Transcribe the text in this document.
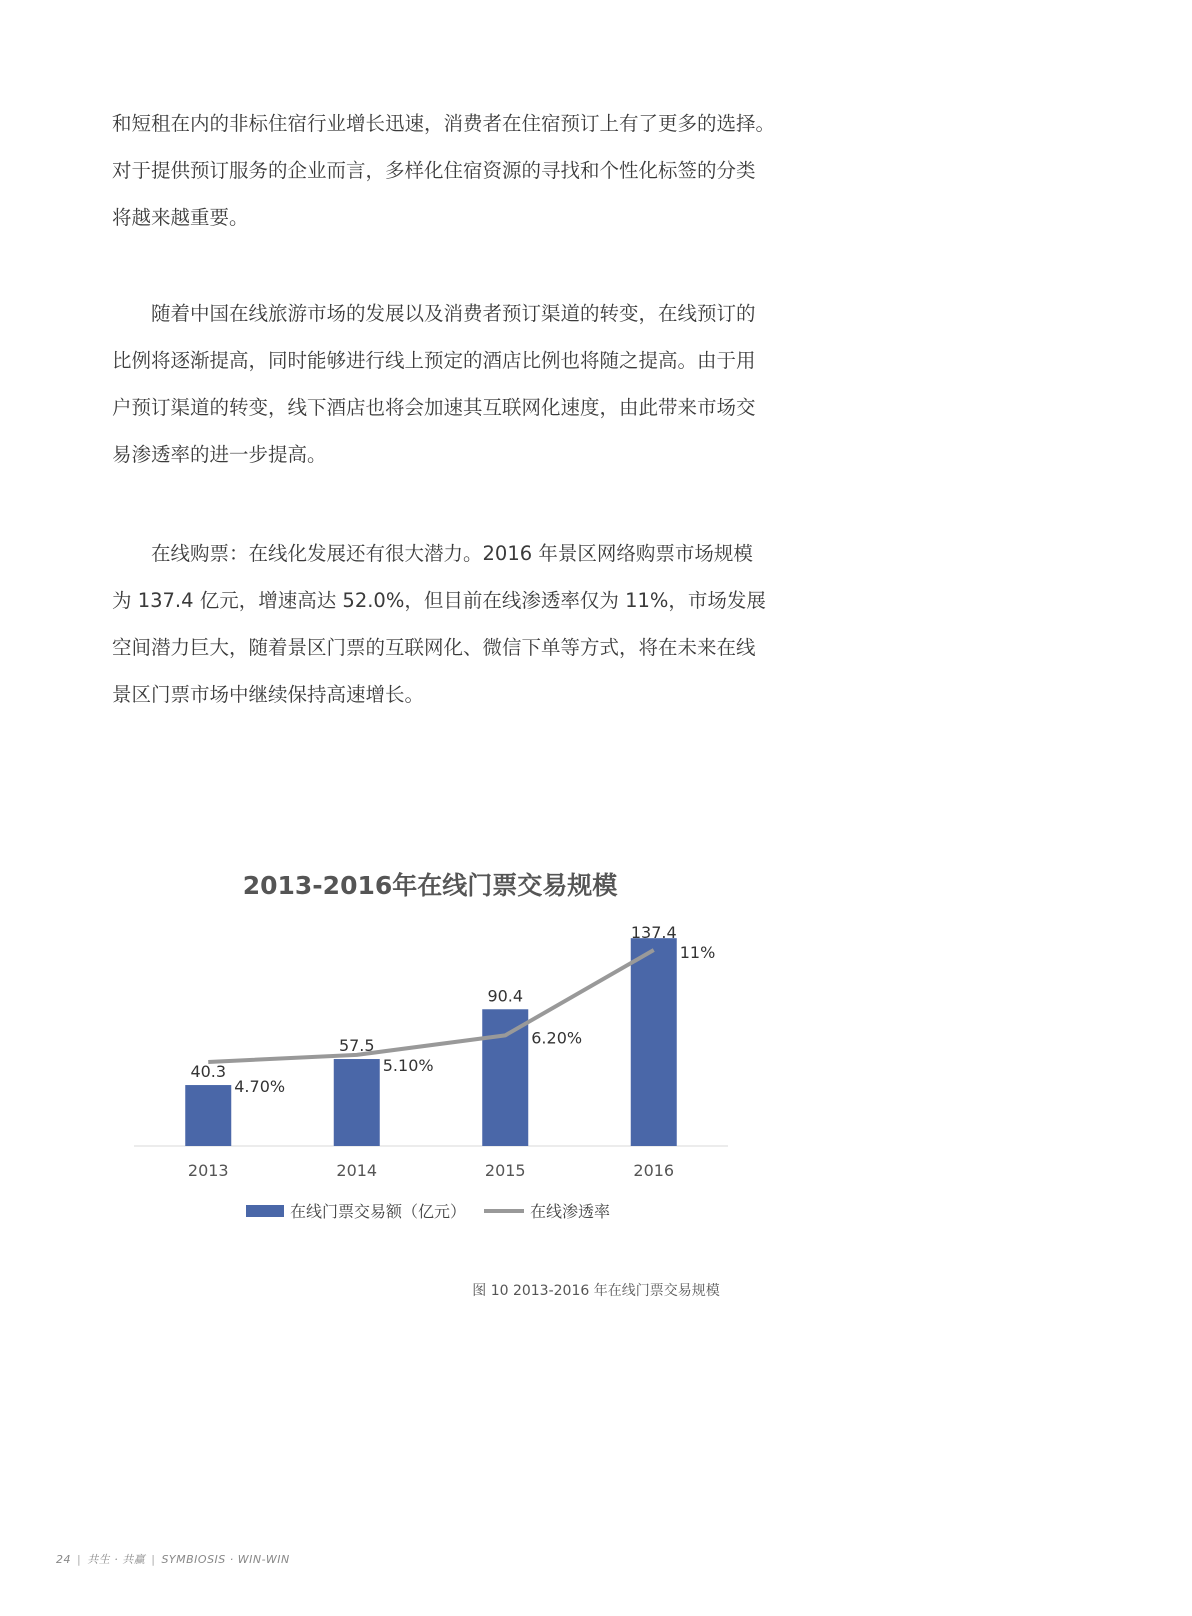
和短租在内的非标住宿行业增长迅速，消费者在住宿预订上有了更多的选择。
对于提供预订服务的企业而言，多样化住宿资源的寻找和个性化标签的分类
将越来越重要。
　　随着中国在线旅游市场的发展以及消费者预订渠道的转变，在线预订的
比例将逐渐提高，同时能够进行线上预定的酒店比例也将随之提高。由于用
户预订渠道的转变，线下酒店也将会加速其互联网化速度，由此带来市场交
易渗透率的进一步提高。
　　在线购票：在线化发展还有很大潜力。2016 年景区网络购票市场规模
为 137.4 亿元，增速高达 52.0%，但目前在线渗透率仅为 11%，市场发展
空间潜力巨大，随着景区门票的互联网化、微信下单等方式，将在未来在线
景区门票市场中继续保持高速增长。
2013-2016年在线门票交易规模
40.3
57.5
90.4
137.4
4.70%
5.10%
6.20%
11%
2013	2014	2015	2016
在线门票交易额（亿元）	在线渗透率
图 10 2013-2016 年在线门票交易规模
24 | 共生 · 共赢 | SYMBIOSIS · WIN-WIN
